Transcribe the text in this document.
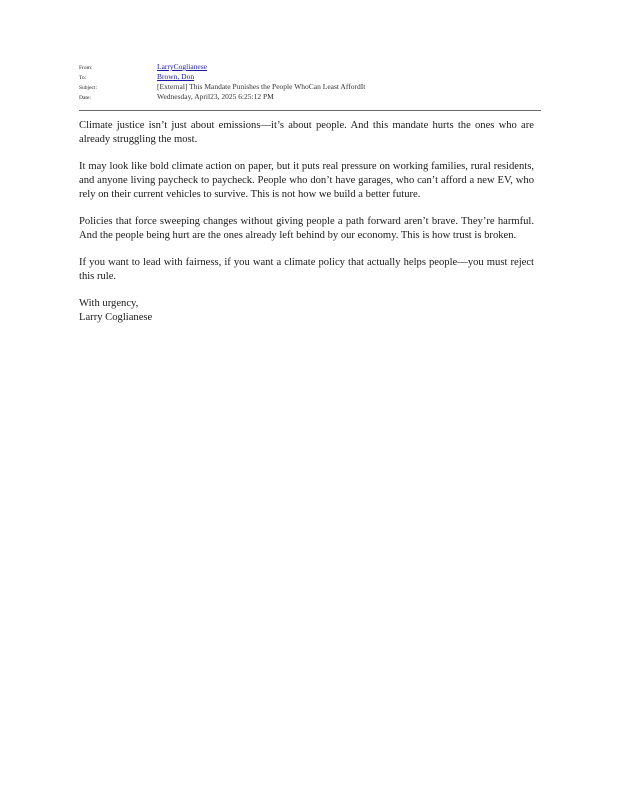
From:	LarryCoglianese
To:	Brown, Don
Subject:	[External] This Mandate Punishes the People WhoCan Least AffordIt
Date:	Wednesday, April23, 2025 6:25:12 PM

Climate justice isn’t just about emissions—it’s about people. And this mandate hurts the ones who are already struggling the most.

It may look like bold climate action on paper, but it puts real pressure on working families, rural residents, and anyone living paycheck to paycheck. People who don’t have garages, who can’t afford a new EV, who rely on their current vehicles to survive. This is not how we build a better future.

Policies that force sweeping changes without giving people a path forward aren’t brave. They’re harmful. And the people being hurt are the ones already left behind by our economy. This is how trust is broken.

If you want to lead with fairness, if you want a climate policy that actually helps people—you must reject this rule.

With urgency,

Larry Coglianese
